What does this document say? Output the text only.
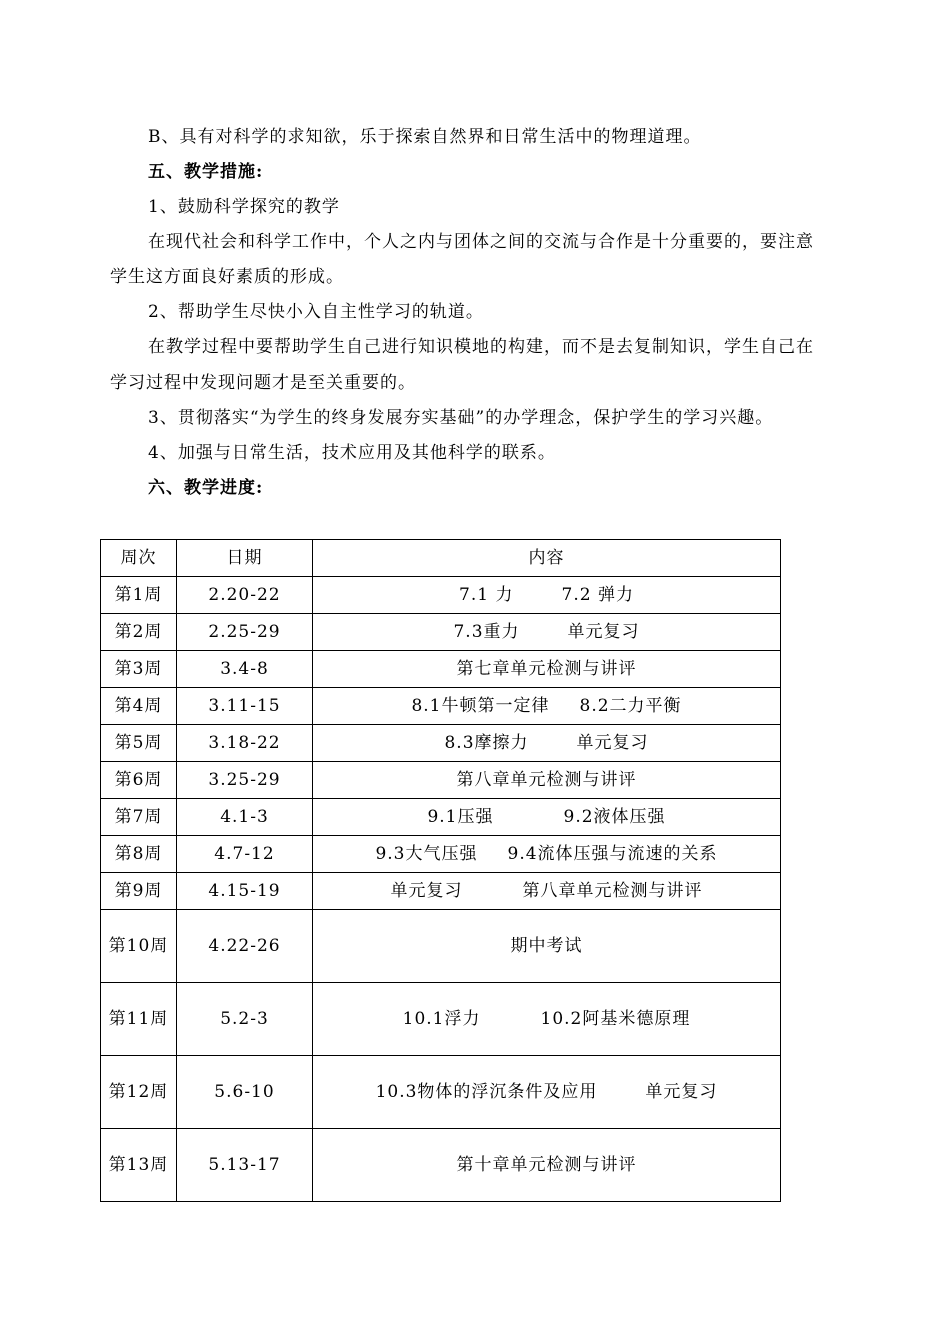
B、具有对科学的求知欲，乐于探索自然界和日常生活中的物理道理。
五、教学措施:
1、鼓励科学探究的教学
在现代社会和科学工作中，个人之内与团体之间的交流与合作是十分重要的，要注意
学生这方面良好素质的形成。
2、帮助学生尽快小入自主性学习的轨道。
在教学过程中要帮助学生自己进行知识模地的构建，而不是去复制知识，学生自己在
学习过程中发现问题才是至关重要的。
3、贯彻落实“为学生的终身发展夯实基础”的办学理念，保护学生的学习兴趣。
4、加强与日常生活，技术应用及其他科学的联系。
六、教学进度:
周次	日期	内容
第1周	2.20-22	7.1 力 7.2 弹力
第2周	2.25-29	7.3重力 单元复习
第3周	3.4-8	第七章单元检测与讲评
第4周	3.11-15	8.1牛顿第一定律 8.2二力平衡
第5周	3.18-22	8.3摩擦力 单元复习
第6周	3.25-29	第八章单元检测与讲评
第7周	4.1-3	9.1压强 9.2液体压强
第8周	4.7-12	9.3大气压强 9.4流体压强与流速的关系
第9周	4.15-19	单元复习 第八章单元检测与讲评
第10周	4.22-26	期中考试
第11周	5.2-3	10.1浮力 10.2阿基米德原理
第12周	5.6-10	10.3物体的浮沉条件及应用 单元复习
第13周	5.13-17	第十章单元检测与讲评
